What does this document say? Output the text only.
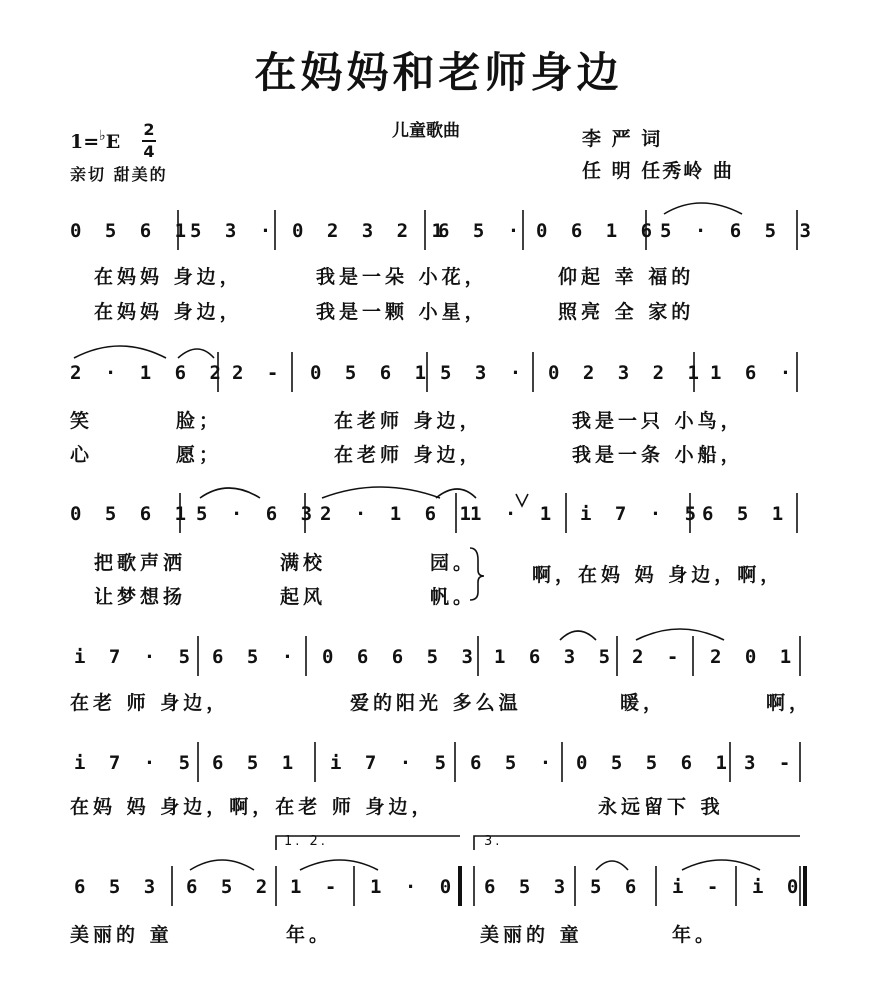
在妈妈和老师身边
儿童歌曲
$1=^♭E \frac{2}{4}$
亲切 甜美的
李 严 词
任 明 任秀岭 曲
0 5 6 1
5 3 · 0 2 3 2 1
6 5 · 0 6 1 6 5 · 6 5 3
在妈妈 身边，	我是一朵 小花，	仰起 幸 福的
在妈妈 身边，	我是一颗 小星，	照亮 全 家的
2 · 1 6 2 2 - 0 5 6 1 5 3 · 0 2 3 2 1 1 6 ·
笑	脸；	在老师 身边，	我是一只 小鸟，
心	愿；	在老师 身边，	我是一条 小船，
0 5 6 1 5 · 6 3 2 · 1 6 1
1 · 1 i 7 · 5 6 5 1
把歌声洒	满校	园。
让梦想扬	起风	帆。
啊，在妈 妈 身边，啊，
i 7 · 5 6 5 · 0 6 6 5 3 1 6 3 5 2 - 2 0 1
在老 师 身边，	爱的阳光 多么温	暖，	啊，
i 7 · 5 6 5 1 i 7 · 5 6 5 · 0 5 5 6 1 3 -
在妈 妈 身边，啊，在老 师 身边，	永远留下 我
1. 2.	3.
6 5 3 6 5 2 1 - 1 · 0 6 5 3 5 6 i - i 0
美丽的 童	年。	美丽的 童	年。
